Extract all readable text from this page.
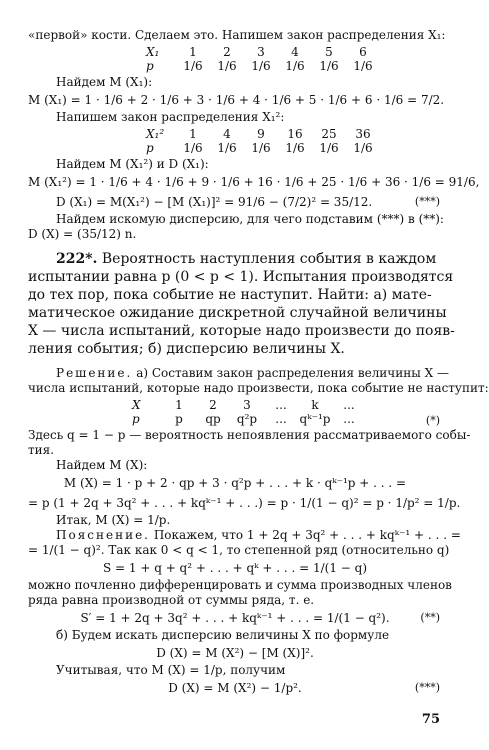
«первой» кости. Сделаем это. Напишем закон распределения X₁:
X₁	1	2	3	4	5	6
p	1/6	1/6	1/6	1/6	1/6	1/6
Найдем M (X₁):
M (X₁) = 1 · 1/6 + 2 · 1/6 + 3 · 1/6 + 4 · 1/6 + 5 · 1/6 + 6 · 1/6 = 7/2.
Напишем закон распределения X₁²:
X₁²	1	4	9	16	25	36
p	1/6	1/6	1/6	1/6	1/6	1/6
Найдем M (X₁²) и D (X₁):
M (X₁²) = 1 · 1/6 + 4 · 1/6 + 9 · 1/6 + 16 · 1/6 + 25 · 1/6 + 36 · 1/6 = 91/6,
D (X₁) = M(X₁²) − [M (X₁)]² = 91/6 − (7/2)² = 35/12.	(***)
Найдем искомую дисперсию, для чего подставим (***) в (**):
D (X) = (35/12) n.
222*. Вероятность наступления события в каждом
испытании равна p (0 < p < 1). Испытания производятся
до тех пор, пока событие не наступит. Найти: а) мате-
матическое ожидание дискретной случайной величины
X — числа испытаний, которые надо произвести до появ-
ления события; б) дисперсию величины X.
Решение. а) Составим закон распределения величины X —
числа испытаний, которые надо произвести, пока событие не наступит:
X	1	2	3	...	k	...
p	p	qp	q²p	...	qᵏ⁻¹p	...	(*)
Здесь q = 1 − p — вероятность непоявления рассматриваемого собы-
тия.
Найдем M (X):
M (X) = 1 · p + 2 · qp + 3 · q²p + . . . + k · qᵏ⁻¹p + . . . =
= p (1 + 2q + 3q² + . . . + kqᵏ⁻¹ + . . .) = p · 1/(1 − q)² = p · 1/p² = 1/p.
Итак, M (X) = 1/p.
Пояснение. Покажем, что 1 + 2q + 3q² + . . . + kqᵏ⁻¹ + . . . =
= 1/(1 − q)². Так как 0 < q < 1, то степенной ряд (относительно q)
S = 1 + q + q² + . . . + qᵏ + . . . = 1/(1 − q)
можно почленно дифференцировать и сумма производных членов
ряда равна производной от суммы ряда, т. е.
S′ = 1 + 2q + 3q² + . . . + kqᵏ⁻¹ + . . . = 1/(1 − q²).	(**)
б) Будем искать дисперсию величины X по формуле
D (X) = M (X²) − [M (X)]².
Учитывая, что M (X) = 1/p, получим
D (X) = M (X²) − 1/p².	(***)
75
